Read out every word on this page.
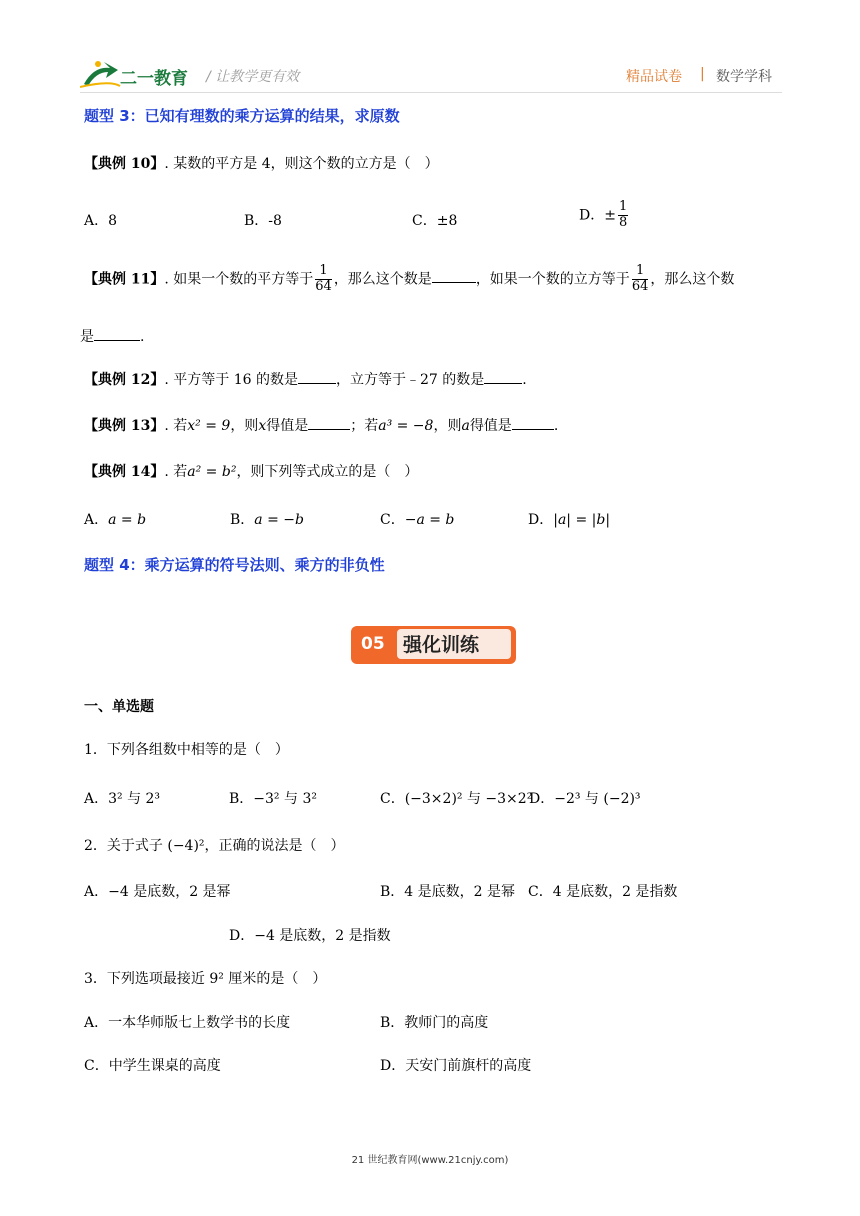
二一教育 / 让教学更有效	精品试卷 | 数学学科
题型 3：已知有理数的乘方运算的结果，求原数
【典例 10】. 某数的平方是 4，则这个数的立方是（　）
A．8	B．-8	C．±8	D．± $\frac{1}{8}$
【典例 11】. 如果一个数的平方等于 $\frac{1}{64}$ ，那么这个数是	，如果一个数的立方等于 $\frac{1}{64}$ ，那么这个数
是	.
【典例 12】. 平方等于 16 的数是	，立方等于﹣27 的数是	.
【典例 13】. 若x² = 9，则x得值是	；若a³ = −8，则a得值是	.
【典例 14】. 若a² = b²，则下列等式成立的是（　）
A．a = b	B．a = −b	C．−a = b	D．|a| = |b|
题型 4：乘方运算的符号法则、乘方的非负性
05 强化训练
一、单选题
1．下列各组数中相等的是（　）
A．3² 与 2³	B．−3² 与 3²	C．(−3×2)² 与 −3×2²
D．−2³ 与 (−2)³
2．关于式子 (−4)²，正确的说法是（　）
A．−4 是底数，2 是幂	B．4 是底数，2 是幂 C．4 是底数，2 是指数
D．−4 是底数，2 是指数
3．下列选项最接近 9² 厘米的是（　）
A．一本华师版七上数学书的长度	B．教师门的高度
C．中学生课桌的高度	D．天安门前旗杆的高度
21 世纪教育网(www.21cnjy.com)
